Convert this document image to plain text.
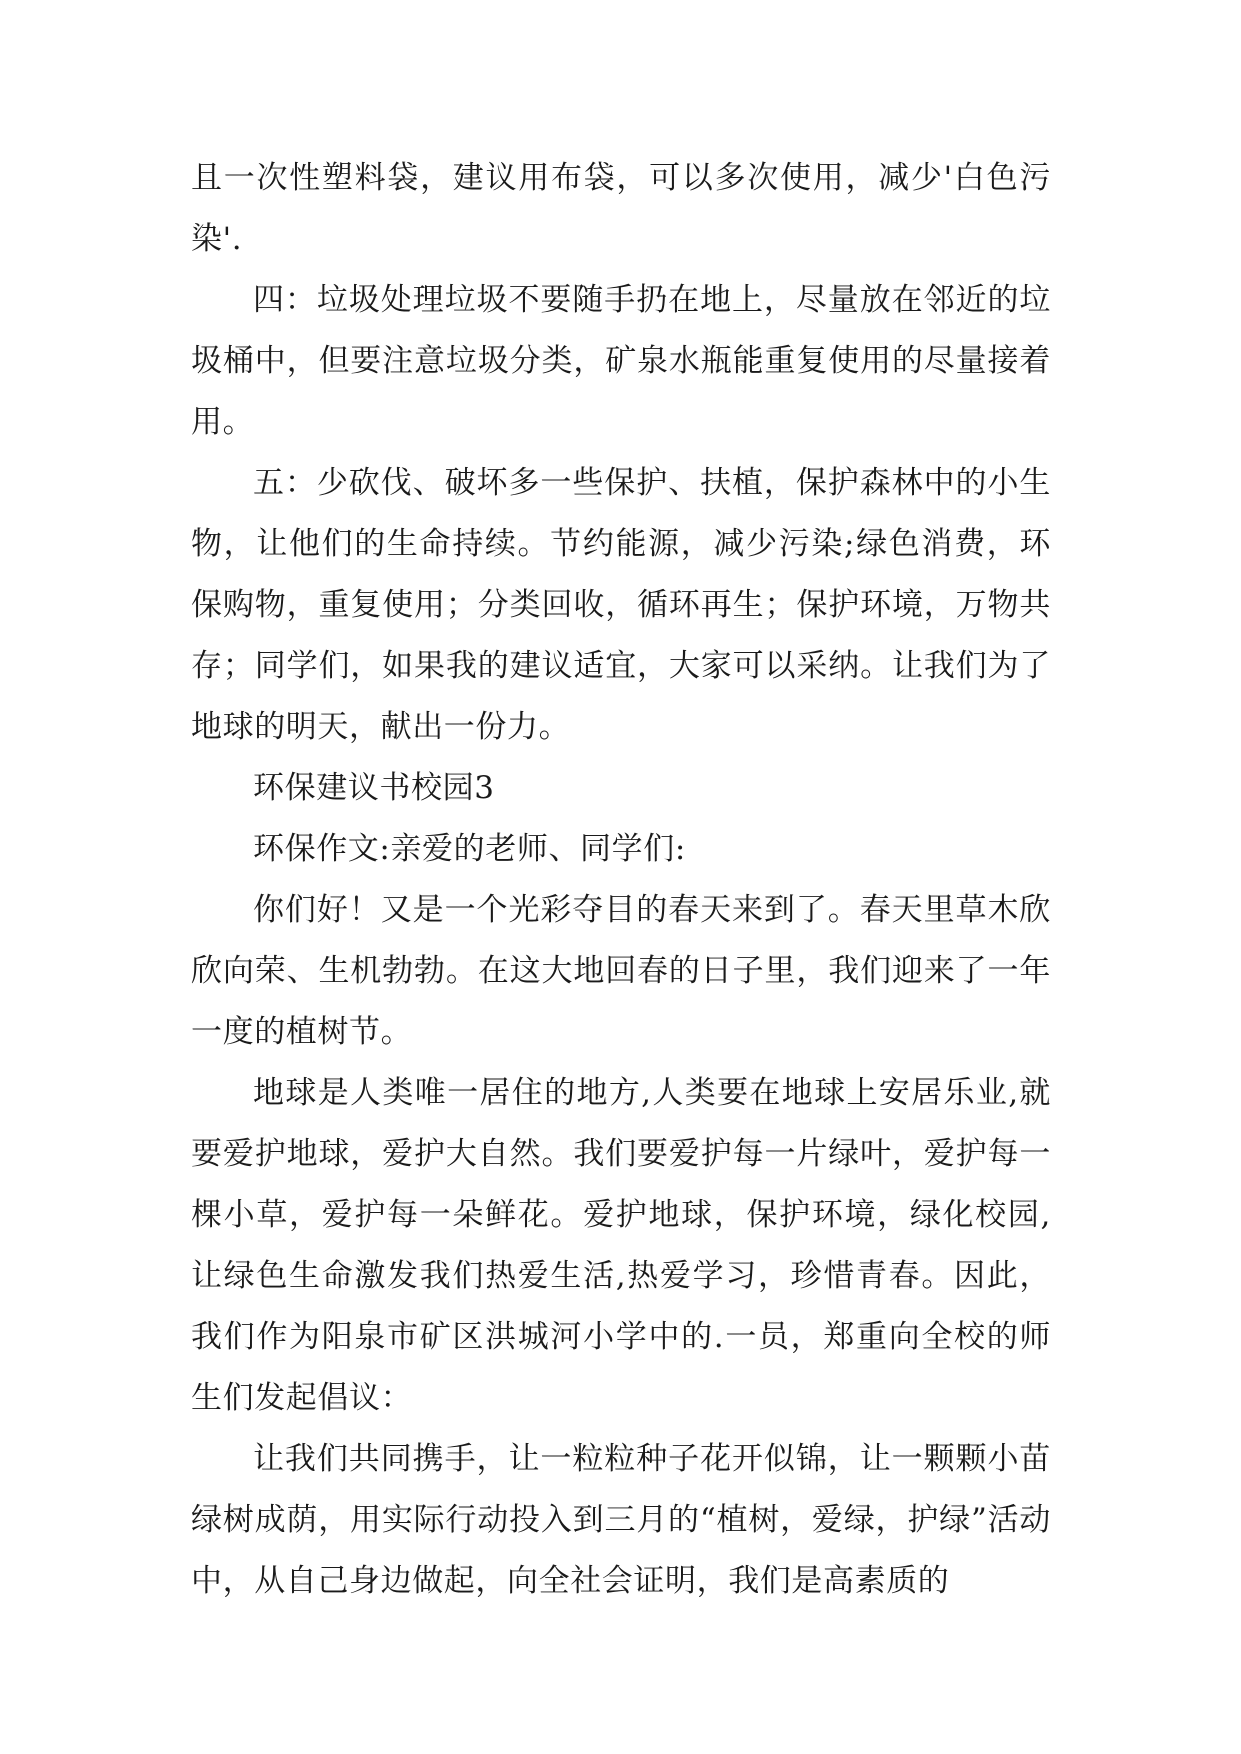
且一次性塑料袋，建议用布袋，可以多次使用，减少'白色污染'.

四：垃圾处理垃圾不要随手扔在地上，尽量放在邻近的垃圾桶中，但要注意垃圾分类，矿泉水瓶能重复使用的尽量接着用。

五：少砍伐、破坏多一些保护、扶植，保护森林中的小生物，让他们的生命持续。节约能源，减少污染;绿色消费，环保购物，重复使用；分类回收，循环再生；保护环境，万物共存；同学们，如果我的建议适宜，大家可以采纳。让我们为了地球的明天，献出一份力。

环保建议书校园3

环保作文:亲爱的老师、同学们:

你们好！又是一个光彩夺目的春天来到了。春天里草木欣欣向荣、生机勃勃。在这大地回春的日子里，我们迎来了一年一度的植树节。

地球是人类唯一居住的地方,人类要在地球上安居乐业,就要爱护地球，爱护大自然。我们要爱护每一片绿叶，爱护每一棵小草，爱护每一朵鲜花。爱护地球，保护环境，绿化校园,让绿色生命激发我们热爱生活,热爱学习，珍惜青春。因此，我们作为阳泉市矿区洪城河小学中的.一员，郑重向全校的师生们发起倡议：

让我们共同携手，让一粒粒种子花开似锦，让一颗颗小苗绿树成荫，用实际行动投入到三月的“植树，爱绿，护绿”活动中，从自己身边做起，向全社会证明，我们是高素质的
